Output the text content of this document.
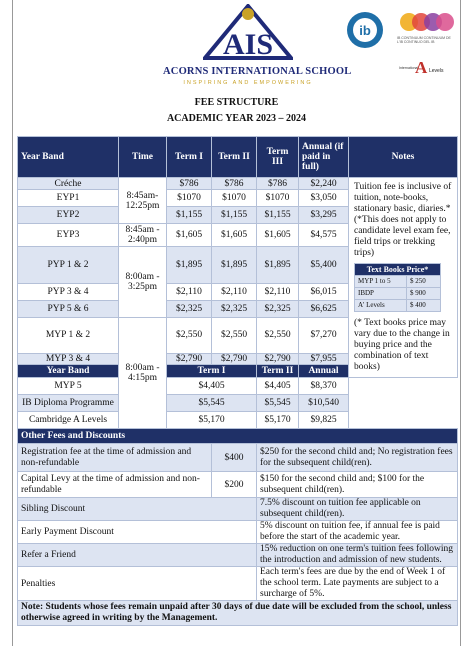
AIS
ACORNS INTERNATIONAL SCHOOL
INSPIRING AND EMPOWERING
ib	IB CONTINUUM CONTINUUM DE L'IB CONTINUO DEL IB
International
A Levels
FEE STRUCTURE
ACADEMIC YEAR 2023 – 2024
Year Band	Time	Term I	Term II	Term III	Annual (if paid in full)	Notes
Créche	8:45am-12:25pm	$786	$786	$786	$2,240	Tuition fee is inclusive of tuition, note-books, stationary basic, diaries.* (*This does not apply to candidate level exam fee, field trips or trekking trips)
Text Books Price*
MYP 1 to 5	$ 250
IBDP	$ 900
A' Levels	$ 400
(* Text books price may vary due to the change in buying price and the combination of text books)

EYP1	$1070	$1070	$1070	$3,050
EYP2	$1,155	$1,155	$1,155	$3,295
EYP3	8:45am - 2:40pm	$1,605	$1,605	$1,605	$4,575
PYP 1 & 2	8:00am - 3:25pm	$1,895	$1,895	$1,895	$5,400
PYP 3 & 4	$2,110	$2,110	$2,110	$6,015
PYP 5 & 6	$2,325	$2,325	$2,325	$6,625
MYP 1 & 2	8:00am - 4:15pm	$2,550	$2,550	$2,550	$7,270
MYP 3 & 4	$2,790	$2,790	$2,790	$7,955
Year Band	Term I	Term II	Annual
MYP 5	$4,405	$4,405	$8,370	
IB Diploma Programme	$5,545	$5,545	$10,540
Cambridge A Levels	$5,170	$5,170	$9,825
Other Fees and Discounts
Registration fee at the time of admission and non-refundable	$400	$250 for the second child and; No registration fees for the subsequent child(ren).
Capital Levy at the time of admission and non-refundable	$200	$150 for the second child and; $100 for the subsequent child(ren).
Sibling Discount	7.5% discount on tuition fee applicable on subsequent child(ren).
Early Payment Discount	5% discount on tuition fee, if annual fee is paid before the start of the academic year.
Refer a Friend	15% reduction on one term's tuition fees following the introduction and admission of new students.
Penalties	Each term's fees are due by the end of Week 1 of the school term. Late payments are subject to a surcharge of 5%.
Note: Students whose fees remain unpaid after 30 days of due date will be excluded from the school, unless otherwise agreed in writing by the Management.
